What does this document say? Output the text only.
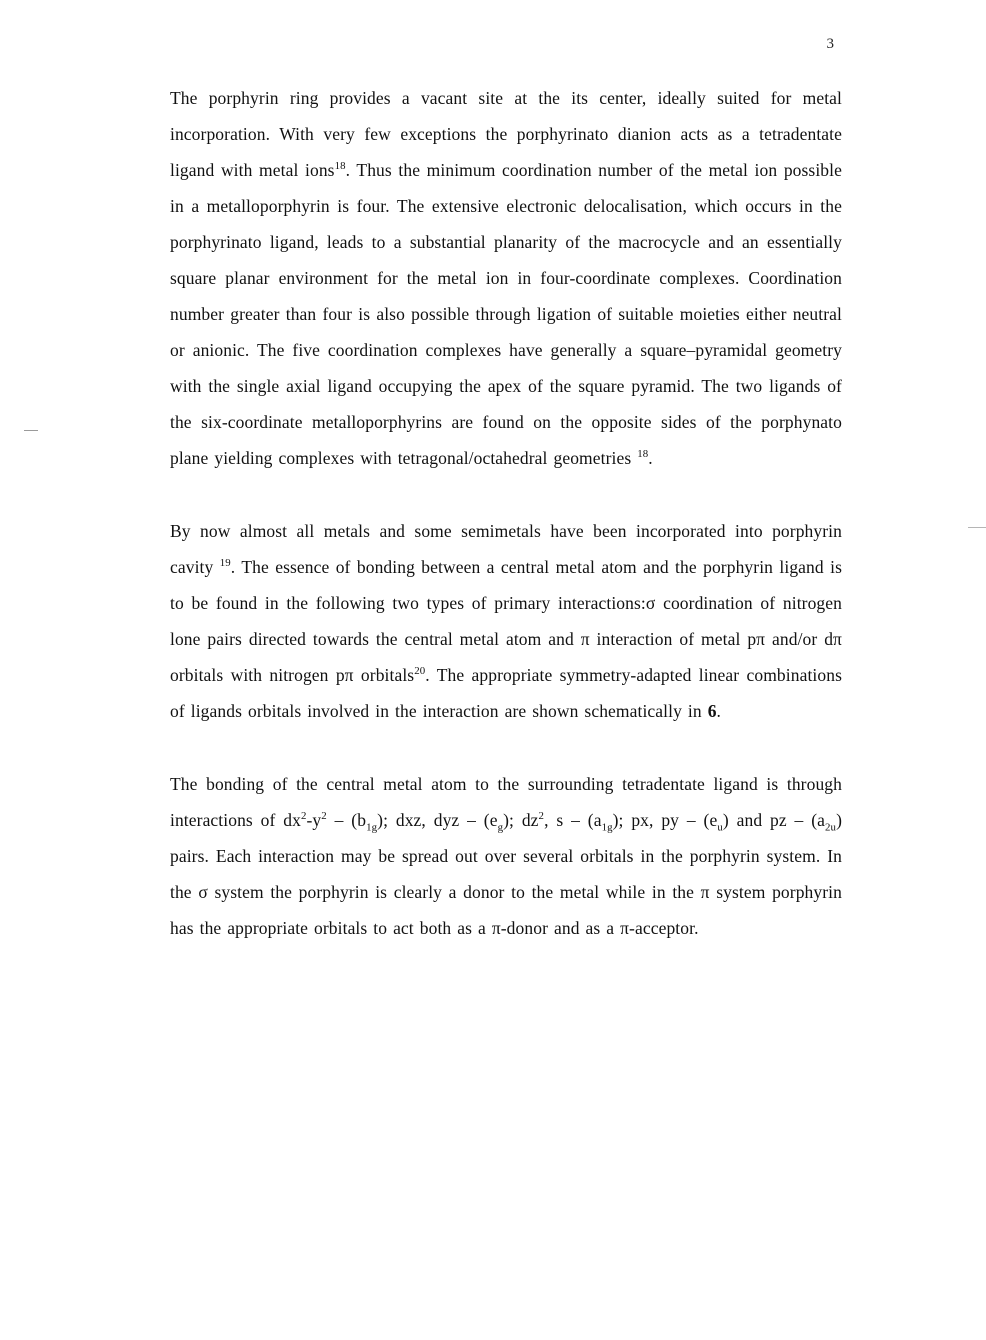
3

The porphyrin ring provides a vacant site at the its center, ideally suited for metal incorporation. With very few exceptions the porphyrinato dianion acts as a tetradentate ligand with metal ions$^{18}$. Thus the minimum coordination number of the metal ion possible in a metalloporphyrin is four. The extensive electronic delocalisation, which occurs in the porphyrinato ligand, leads to a substantial planarity of the macrocycle and an essentially square planar environment for the metal ion in four-coordinate complexes. Coordination number greater than four is also possible through ligation of suitable moieties either neutral or anionic. The five coordination complexes have generally a square–pyramidal geometry with the single axial ligand occupying the apex of the square pyramid. The two ligands of the six-coordinate metalloporphyrins are found on the opposite sides of the porphynato plane yielding complexes with tetragonal/octahedral geometries $^{18}$.

By now almost all metals and some semimetals have been incorporated into porphyrin cavity $^{19}$. The essence of bonding between a central metal atom and the porphyrin ligand is to be found in the following two types of primary interactions:σ coordination of nitrogen lone pairs directed towards the central metal atom and π interaction of metal pπ and/or dπ orbitals with nitrogen pπ orbitals$^{20}$. The appropriate symmetry-adapted linear combinations of ligands orbitals involved in the interaction are shown schematically in 6.

The bonding of the central metal atom to the surrounding tetradentate ligand is through interactions of $dx^2-y^2 - (b_{1g})$; dxz, dyz – $(e_g)$; $dz^2$, s – $(a_{1g})$; px, py – $(e_u)$ and pz – $(a_{2u})$ pairs. Each interaction may be spread out over several orbitals in the porphyrin system. In the σ system the porphyrin is clearly a donor to the metal while in the π system porphyrin has the appropriate orbitals to act both as a π-donor and as a π-acceptor.
